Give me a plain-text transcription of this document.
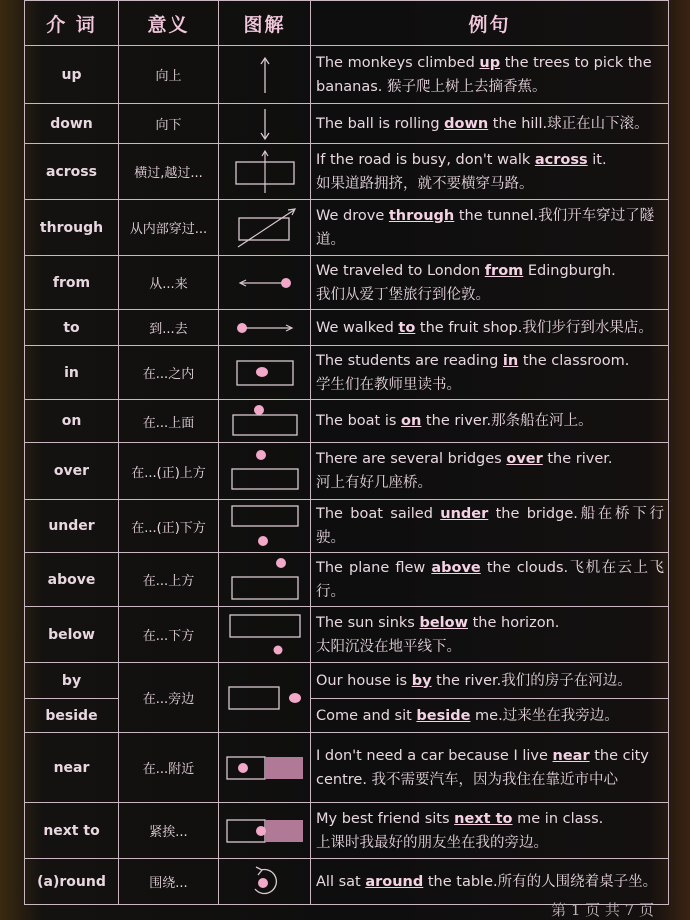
介 词	意义	图解	例句
up	向上		The monkeys climbed up the trees to pick the
bananas. 猴子爬上树上去摘香蕉。

down	向下		The ball is rolling down the hill.球正在山下滚。

across	横过,越过...		If the road is busy, don't walk across it.
如果道路拥挤，就不要横穿马路。

through	从内部穿过...		We drove through the tunnel.我们开车穿过了隧
道。

from	从...来		We traveled to London from Edingburgh.
我们从爱丁堡旅行到伦敦。

to	到...去		We walked to the fruit shop.我们步行到水果店。

in	在...之内		The students are reading in the classroom.
学生们在教师里读书。

on	在...上面		The boat is on the river.那条船在河上。

over	在...(正)上方		There are several bridges over the river.
河上有好几座桥。

under	在...(正)下方		The boat sailed under the bridge.船在桥下行驶。

above	在...上方		The plane flew above the clouds.飞机在云上飞行。

below	在...下方		The sun sinks below the horizon.
太阳沉没在地平线下。

by	在...旁边		Our house is by the river.我们的房子在河边。

beside			Come and sit beside me.过来坐在我旁边。

near	在...附近		I don't need a car because I live near the city
centre. 我不需要汽车，因为我住在靠近市中心

next to	紧挨...		My best friend sits next to me in class.
上课时我最好的朋友坐在我的旁边。

(a)round	围绕...		All sat around the table.所有的人围绕着桌子坐。
第 1 页 共 7 页
